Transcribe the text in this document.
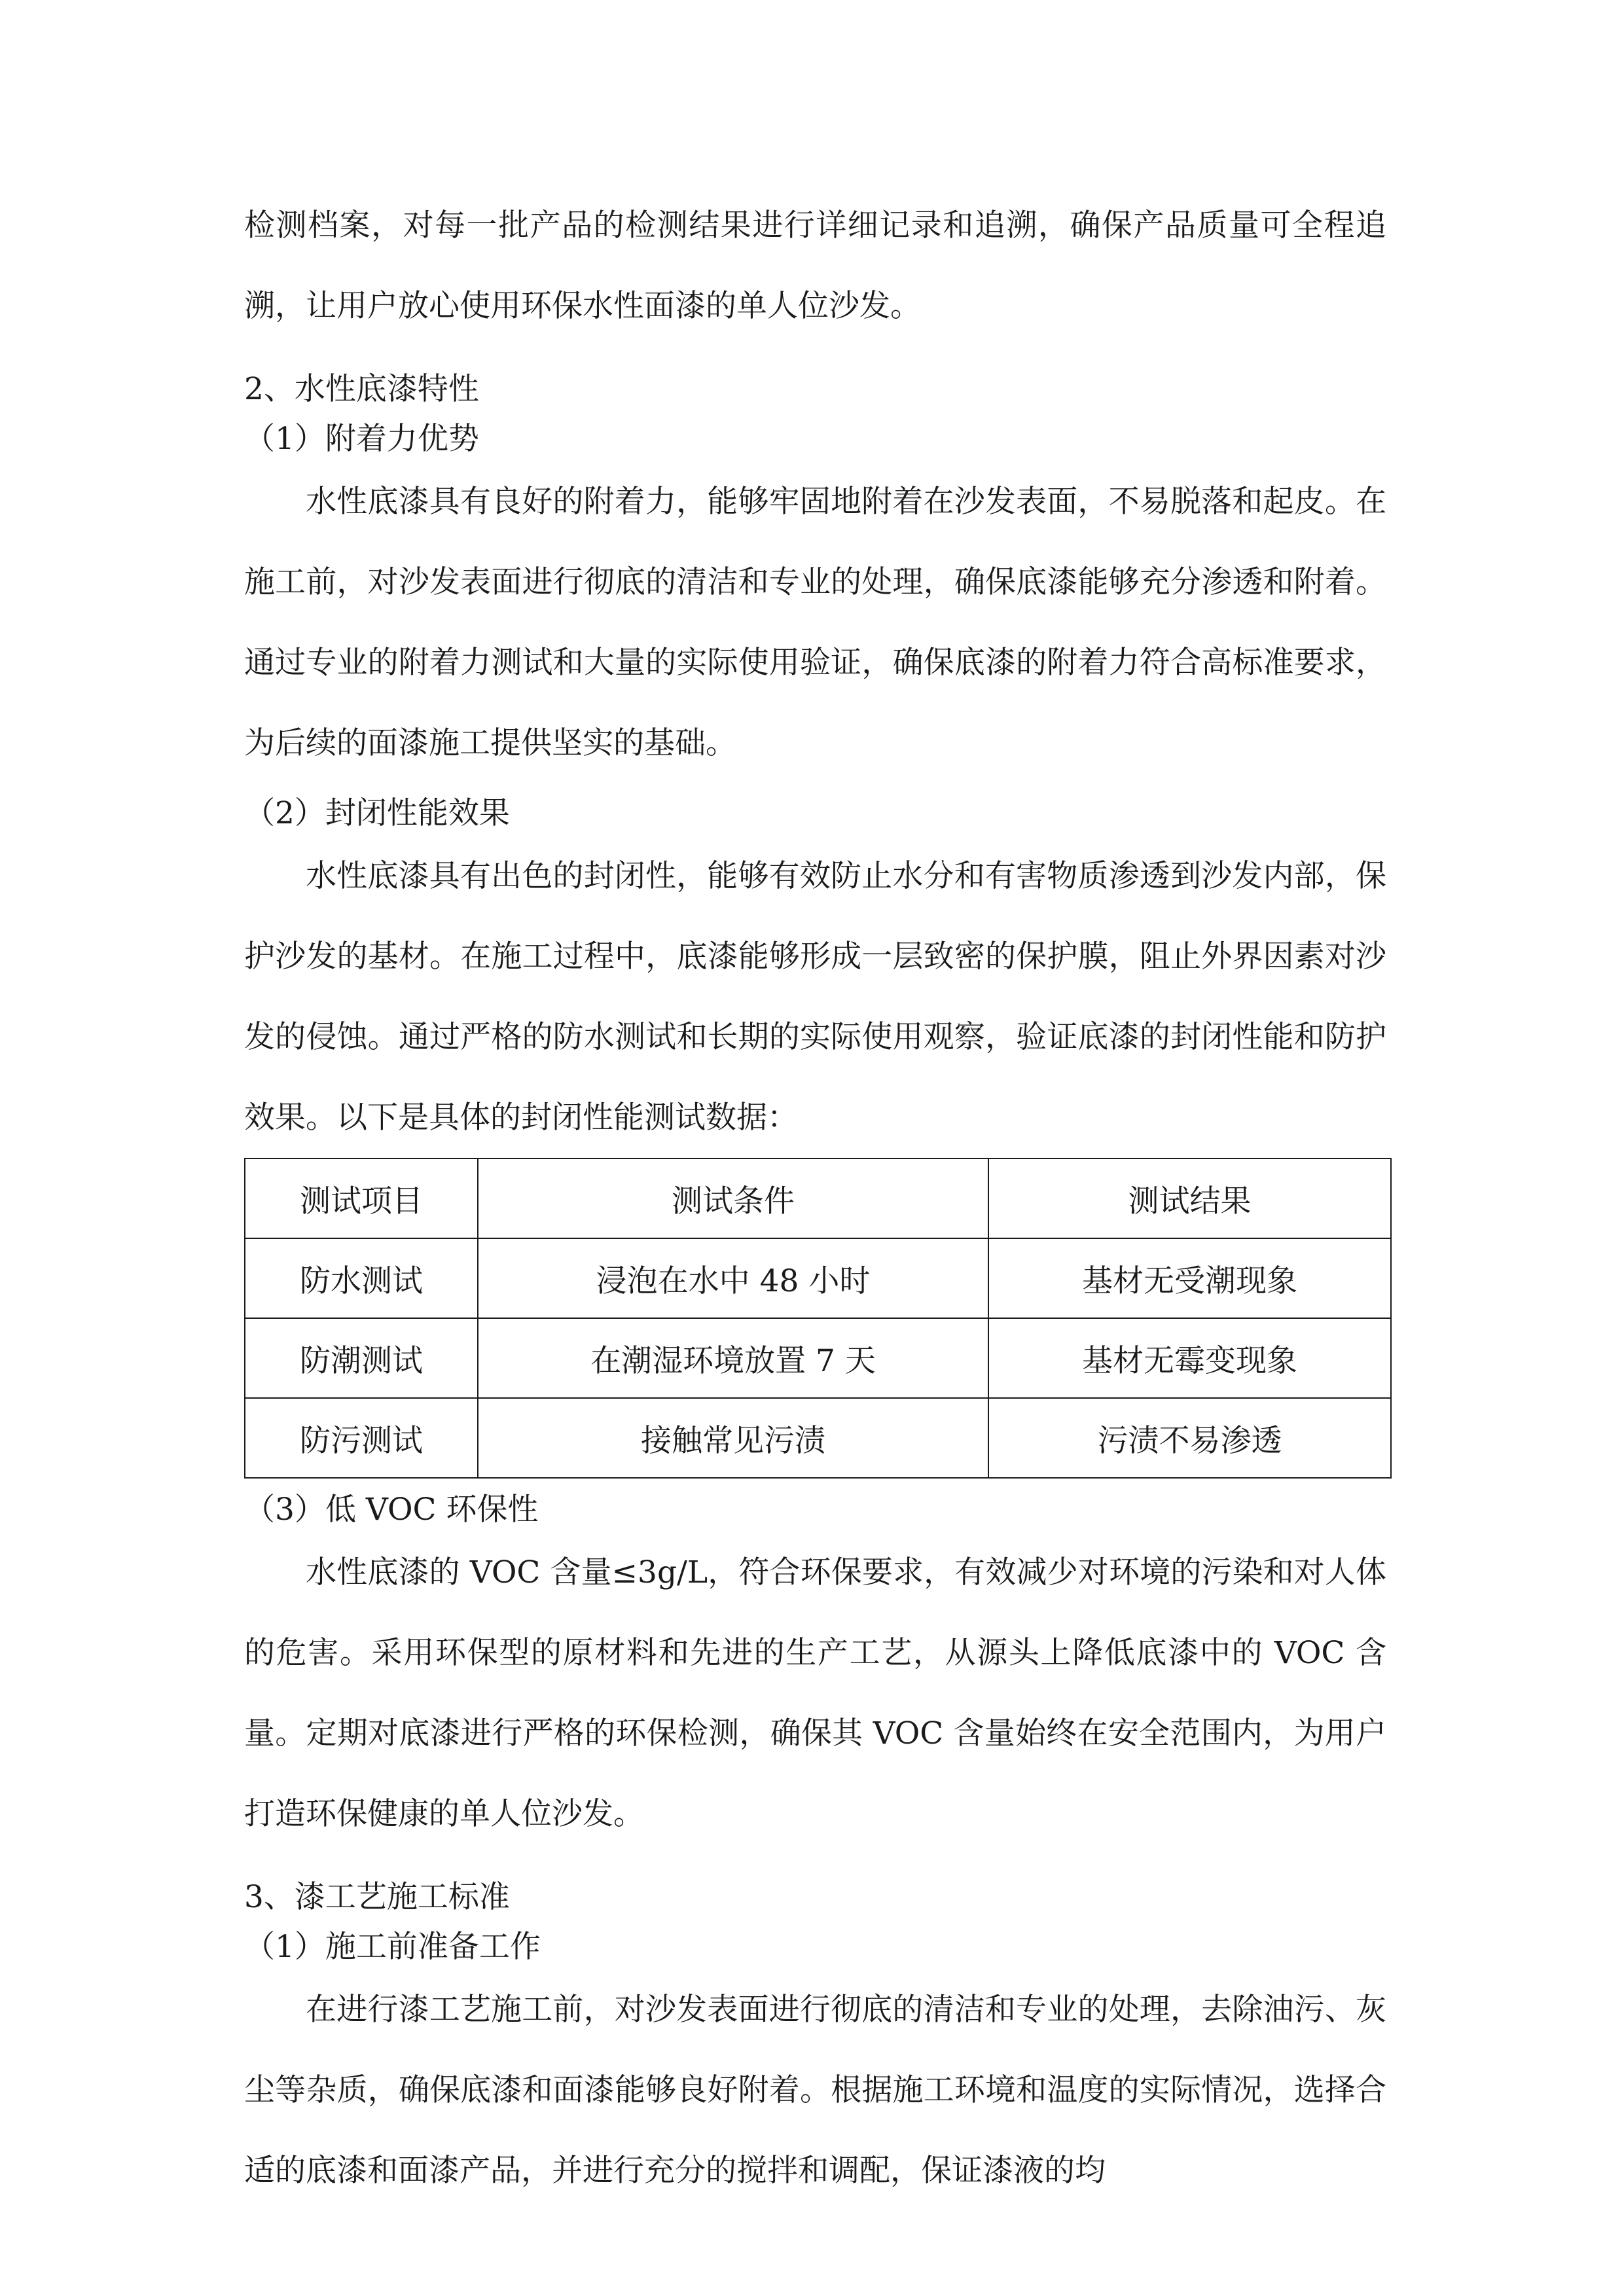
检测档案，对每一批产品的检测结果进行详细记录和追溯，确保产品质量可全程追溯，让用户放心使用环保水性面漆的单人位沙发。

2、水性底漆特性

（1）附着力优势

水性底漆具有良好的附着力，能够牢固地附着在沙发表面，不易脱落和起皮。在施工前，对沙发表面进行彻底的清洁和专业的处理，确保底漆能够充分渗透和附着。通过专业的附着力测试和大量的实际使用验证，确保底漆的附着力符合高标准要求，为后续的面漆施工提供坚实的基础。

（2）封闭性能效果

水性底漆具有出色的封闭性，能够有效防止水分和有害物质渗透到沙发内部，保护沙发的基材。在施工过程中，底漆能够形成一层致密的保护膜，阻止外界因素对沙发的侵蚀。通过严格的防水测试和长期的实际使用观察，验证底漆的封闭性能和防护效果。以下是具体的封闭性能测试数据：

测试项目	测试条件	测试结果
防水测试	浸泡在水中 48 小时	基材无受潮现象
防潮测试	在潮湿环境放置 7 天	基材无霉变现象
防污测试	接触常见污渍	污渍不易渗透

（3）低 VOC 环保性

水性底漆的 VOC 含量≤3g/L，符合环保要求，有效减少对环境的污染和对人体的危害。采用环保型的原材料和先进的生产工艺，从源头上降低底漆中的 VOC 含量。定期对底漆进行严格的环保检测，确保其 VOC 含量始终在安全范围内，为用户打造环保健康的单人位沙发。

3、漆工艺施工标准

（1）施工前准备工作

在进行漆工艺施工前，对沙发表面进行彻底的清洁和专业的处理，去除油污、灰尘等杂质，确保底漆和面漆能够良好附着。根据施工环境和温度的实际情况，选择合适的底漆和面漆产品，并进行充分的搅拌和调配，保证漆液的均
